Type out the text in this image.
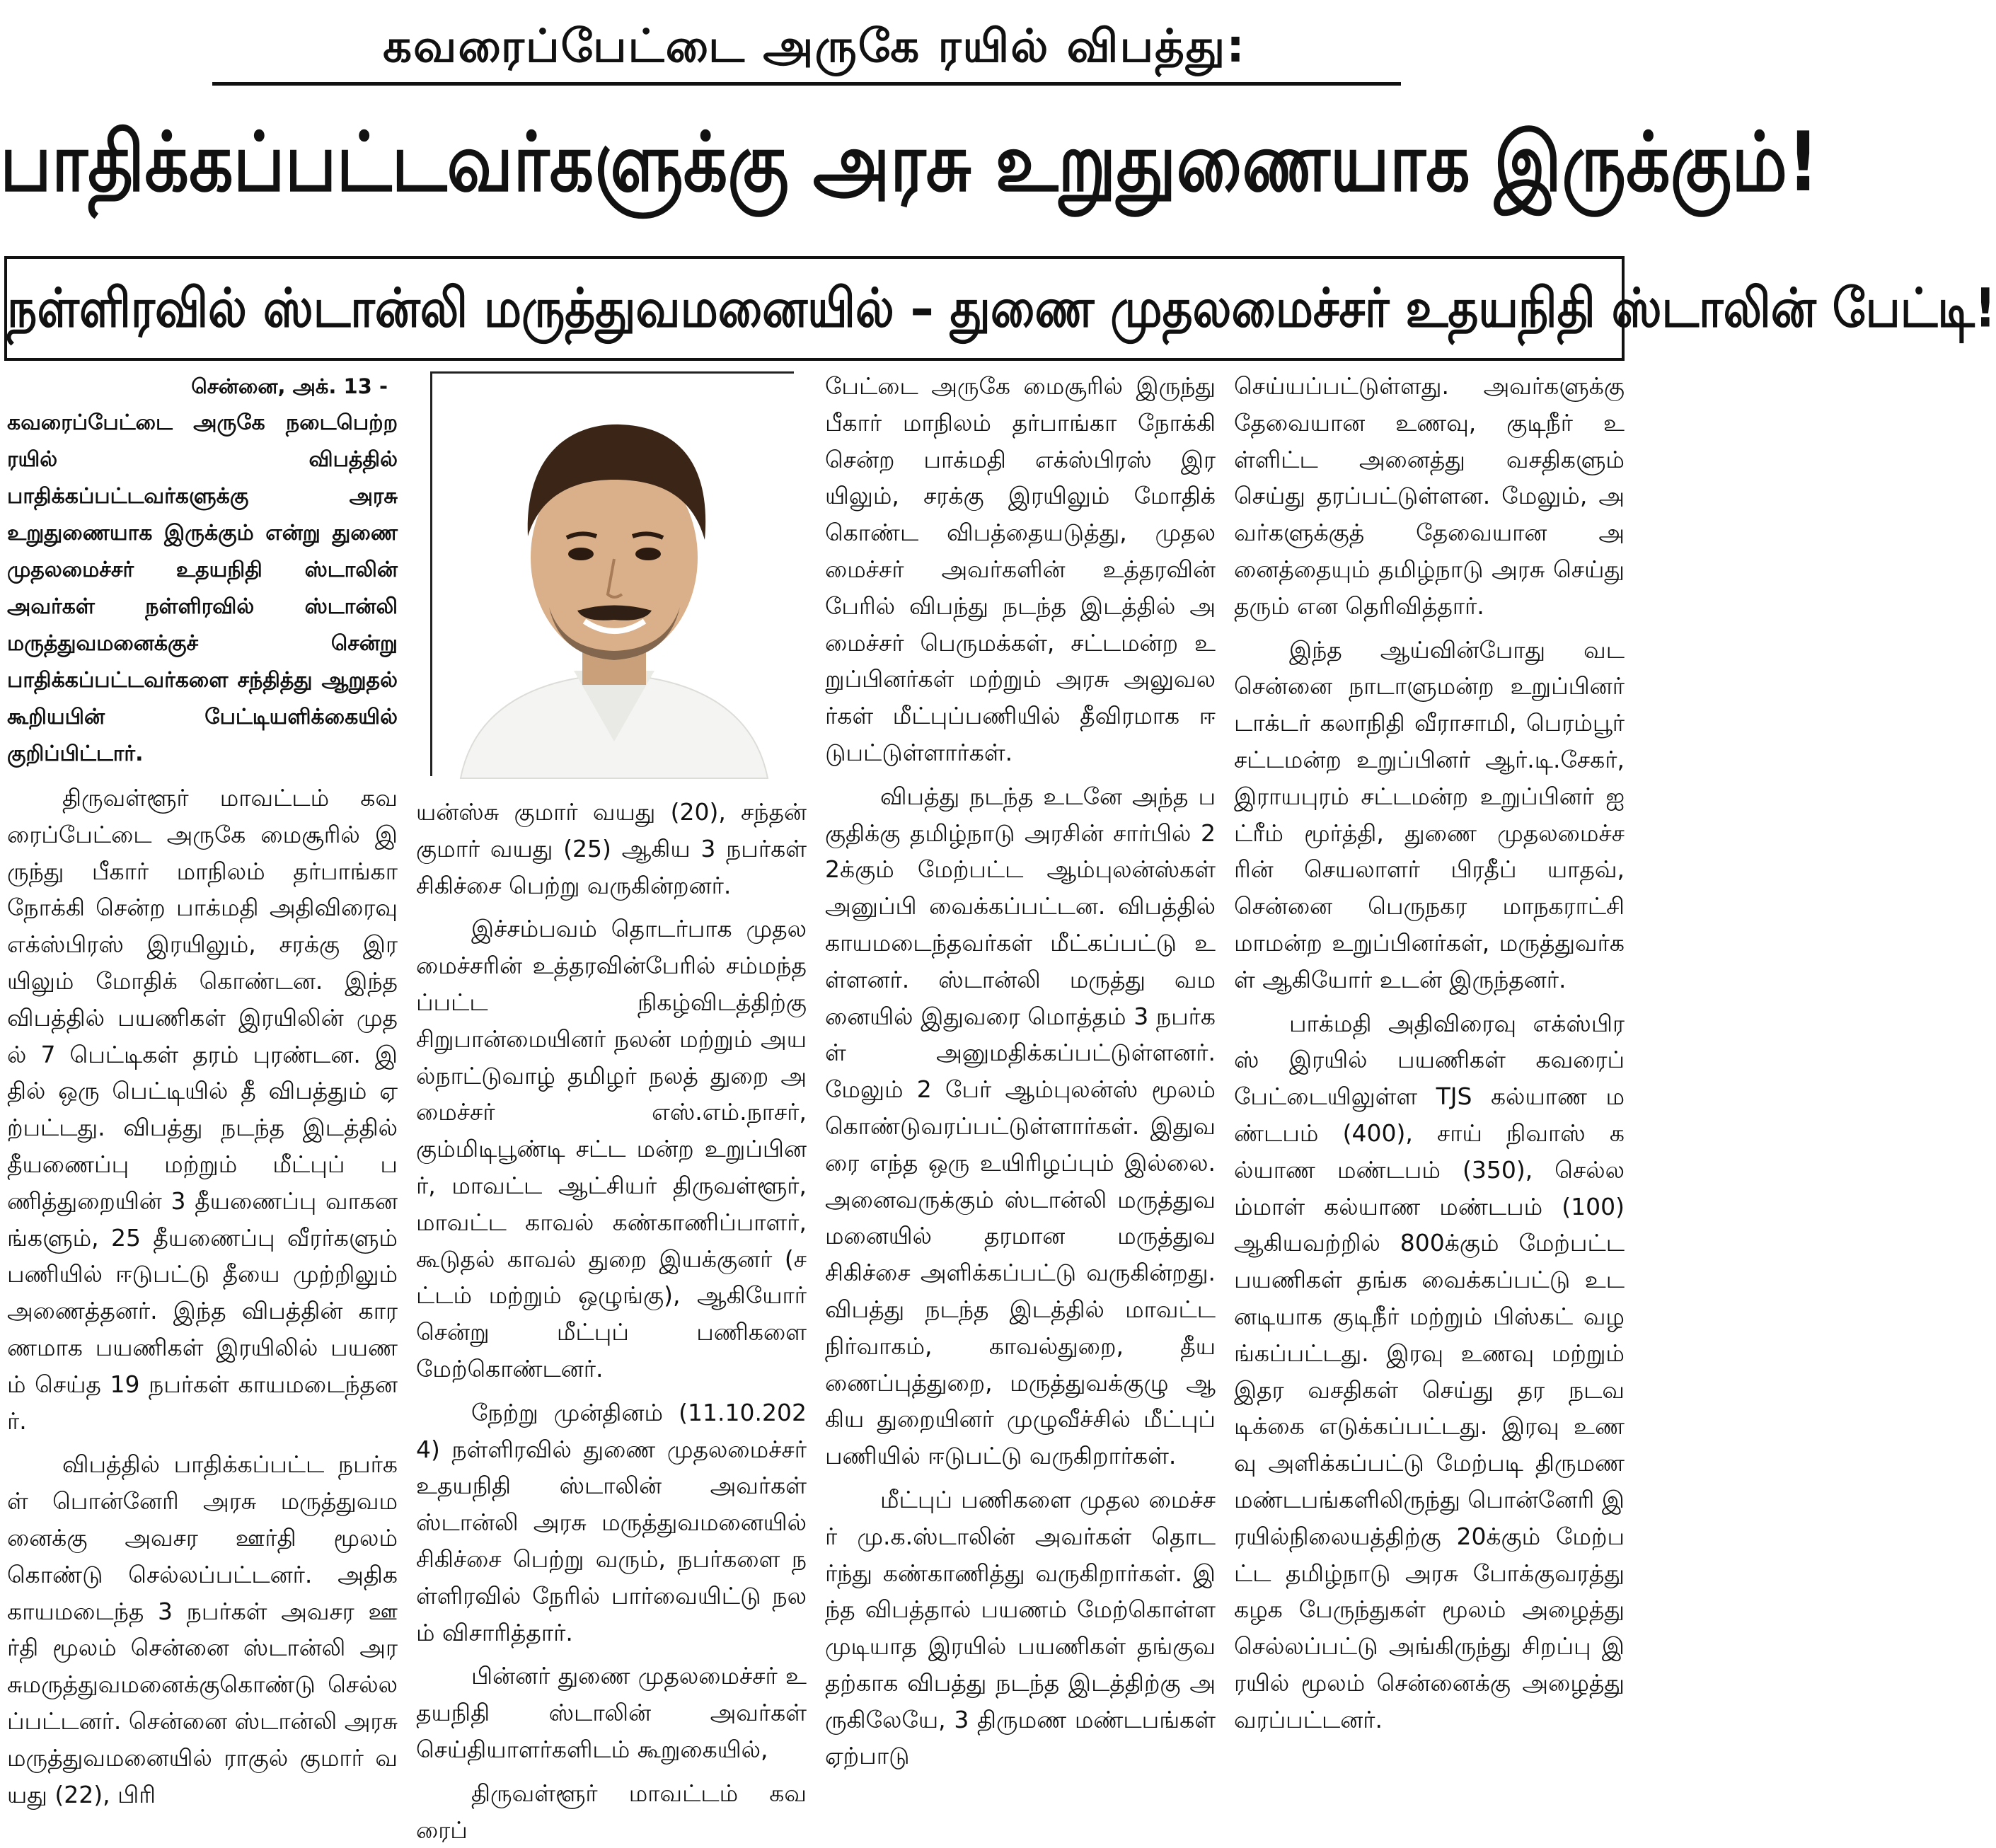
கவரைப்பேட்டை அருகே ரயில் விபத்து:
பாதிக்கப்பட்டவர்களுக்கு அரசு உறுதுணையாக இருக்கும்!
நள்ளிரவில் ஸ்டான்லி மருத்துவமனையில் – துணை முதலமைச்சர் உதயநிதி ஸ்டாலின் பேட்டி!
சென்னை, அக். 13 -

கவரைப்பேட்டை அருகே நடைபெற்ற ரயில் விபத்தில் பாதிக்கப்பட்டவர்களுக்கு அரசு உறுதுணையாக இருக்கும் என்று துணை முதலமைச்சர் உதயநிதி ஸ்டாலின் அவர்கள் நள்ளிரவில் ஸ்டான்லி மருத்துவமனைக்குச் சென்று பாதிக்கப்பட்டவர்களை சந்தித்து ஆறுதல் கூறியபின் பேட்டியளிக்கையில் குறிப்பிட்டார்.

திருவள்ளூர் மாவட்டம் கவரைப்பேட்டை அருகே மைசூரில் இருந்து பீகார் மாநிலம் தர்பாங்கா நோக்கி சென்ற பாக்மதி அதிவிரைவு எக்ஸ்பிரஸ் இரயிலும், சரக்கு இரயிலும் மோதிக் கொண்டன. இந்த விபத்தில் பயணிகள் இரயிலின் முதல் 7 பெட்டிகள் தரம் புரண்டன. இதில் ஒரு பெட்டியில் தீ விபத்தும் ஏற்பட்டது. விபத்து நடந்த இடத்தில் தீயணைப்பு மற்றும் மீட்புப் பணித்துறையின் 3 தீயணைப்பு வாகனங்களும், 25 தீயணைப்பு வீரர்களும் பணியில் ஈடுபட்டு தீயை முற்றிலும் அணைத்தனர். இந்த விபத்தின் காரணமாக பயணிகள் இரயிலில் பயணம் செய்த 19 நபர்கள் காயமடைந்தனர்.

விபத்தில் பாதிக்கப்பட்ட நபர்கள் பொன்னேரி அரசு மருத்துவமனைக்கு அவசர ஊர்தி மூலம் கொண்டு செல்லப்பட்டனர். அதிக காயமடைந்த 3 நபர்கள் அவசர ஊர்தி மூலம் சென்னை ஸ்டான்லி அரசுமருத்துவமனைக்குகொண்டு செல்லப்பட்டனர். சென்னை ஸ்டான்லி அரசு மருத்துவமனையில் ராகுல் குமார் வயது (22), பிரி

யன்ஸ்சு குமார் வயது (20), சந்தன் குமார் வயது (25) ஆகிய 3 நபர்கள் சிகிச்சை பெற்று வருகின்றனர்.

இச்சம்பவம் தொடர்பாக முதலமைச்சரின் உத்தரவின்பேரில் சம்மந்தப்பட்ட நிகழ்விடத்திற்கு சிறுபான்மையினர் நலன் மற்றும் அயல்நாட்டுவாழ் தமிழர் நலத் துறை அமைச்சர் எஸ்.எம்.நாசர், கும்மிடிபூண்டி சட்ட மன்ற உறுப்பினர், மாவட்ட ஆட்சியர் திருவள்ளூர், மாவட்ட காவல் கண்காணிப்பாளர், கூடுதல் காவல் துறை இயக்குனர் (சட்டம் மற்றும் ஒழுங்கு), ஆகியோர் சென்று மீட்புப் பணிகளை மேற்கொண்டனர்.

நேற்று முன்தினம் (11.10.2024) நள்ளிரவில் துணை முதலமைச்சர் உதயநிதி ஸ்டாலின் அவர்கள் ஸ்டான்லி அரசு மருத்துவமனையில் சிகிச்சை பெற்று வரும், நபர்களை நள்ளிரவில் நேரில் பார்வையிட்டு நலம் விசாரித்தார்.

பின்னர் துணை முதலமைச்சர் உதயநிதி ஸ்டாலின் அவர்கள் செய்தியாளர்களிடம் கூறுகையில்,

திருவள்ளூர் மாவட்டம் கவரைப்

பேட்டை அருகே மைசூரில் இருந்து பீகார் மாநிலம் தர்பாங்கா நோக்கி சென்ற பாக்மதி எக்ஸ்பிரஸ் இரயிலும், சரக்கு இரயிலும் மோதிக் கொண்ட விபத்தையடுத்து, முதலமைச்சர் அவர்களின் உத்தரவின் பேரில் விபந்து நடந்த இடத்தில் அமைச்சர் பெருமக்கள், சட்டமன்ற உறுப்பினர்கள் மற்றும் அரசு அலுவலர்கள் மீட்புப்பணியில் தீவிரமாக ஈடுபட்டுள்ளார்கள்.

விபத்து நடந்த உடனே அந்த பகுதிக்கு தமிழ்நாடு அரசின் சார்பில் 22க்கும் மேற்பட்ட ஆம்புலன்ஸ்கள் அனுப்பி வைக்கப்பட்டன. விபத்தில் காயமடைந்தவர்கள் மீட்கப்பட்டு உள்ளனர். ஸ்டான்லி மருத்து வமனையில் இதுவரை மொத்தம் 3 நபர்கள் அனுமதிக்கப்பட்டுள்ளனர். மேலும் 2 பேர் ஆம்புலன்ஸ் மூலம் கொண்டுவரப்பட்டுள்ளார்கள். இதுவரை எந்த ஒரு உயிரிழப்பும் இல்லை. அனைவருக்கும் ஸ்டான்லி மருத்துவமனையில் தரமான மருத்துவ சிகிச்சை அளிக்கப்பட்டு வருகின்றது. விபத்து நடந்த இடத்தில் மாவட்ட நிர்வாகம், காவல்துறை, தீயணைப்புத்துறை, மருத்துவக்குழு ஆகிய துறையினர் முழுவீச்சில் மீட்புப் பணியில் ஈடுபட்டு வருகிறார்கள்.

மீட்புப் பணிகளை முதல மைச்சர் மு.க.ஸ்டாலின் அவர்கள் தொடர்ந்து கண்காணித்து வருகிறார்கள். இந்த விபத்தால் பயணம் மேற்கொள்ள முடியாத இரயில் பயணிகள் தங்குவதற்காக விபத்து நடந்த இடத்திற்கு அருகிலேயே, 3 திருமண மண்டபங்கள் ஏற்பாடு

செய்யப்பட்டுள்ளது. அவர்களுக்கு தேவையான உணவு, குடிநீர் உள்ளிட்ட அனைத்து வசதிகளும் செய்து தரப்பட்டுள்ளன. மேலும், அவர்களுக்குத் தேவையான அனைத்தையும் தமிழ்நாடு அரசு செய்து தரும் என தெரிவித்தார்.

இந்த ஆய்வின்போது வட சென்னை நாடாளுமன்ற உறுப்பினர் டாக்டர் கலாநிதி வீராசாமி, பெரம்பூர் சட்டமன்ற உறுப்பினர் ஆர்.டி.சேகர், இராயபுரம் சட்டமன்ற உறுப்பினர் ஐட்ரீம் மூர்த்தி, துணை முதலமைச்ச ரின் செயலாளர் பிரதீப் யாதவ், சென்னை பெருநகர மாநகராட்சி மாமன்ற உறுப்பினர்கள், மருத்துவர்கள் ஆகியோர் உடன் இருந்தனர்.

பாக்மதி அதிவிரைவு எக்ஸ்பிரஸ் இரயில் பயணிகள் கவரைப் பேட்டையிலுள்ள TJS கல்யாண மண்டபம் (400), சாய் நிவாஸ் கல்யாண மண்டபம் (350), செல்லம்மாள் கல்யாண மண்டபம் (100) ஆகியவற்றில் 800க்கும் மேற்பட்ட பயணிகள் தங்க வைக்கப்பட்டு உடனடியாக குடிநீர் மற்றும் பிஸ்கட் வழங்கப்பட்டது. இரவு உணவு மற்றும் இதர வசதிகள் செய்து தர நடவடிக்கை எடுக்கப்பட்டது. இரவு உணவு அளிக்கப்பட்டு மேற்படி திருமண மண்டபங்களிலிருந்து பொன்னேரி இரயில்நிலையத்திற்கு 20க்கும் மேற்பட்ட தமிழ்நாடு அரசு போக்குவரத்து கழக பேருந்துகள் மூலம் அழைத்து செல்லப்பட்டு அங்கிருந்து சிறப்பு இரயில் மூலம் சென்னைக்கு அழைத்து வரப்பட்டனர்.
